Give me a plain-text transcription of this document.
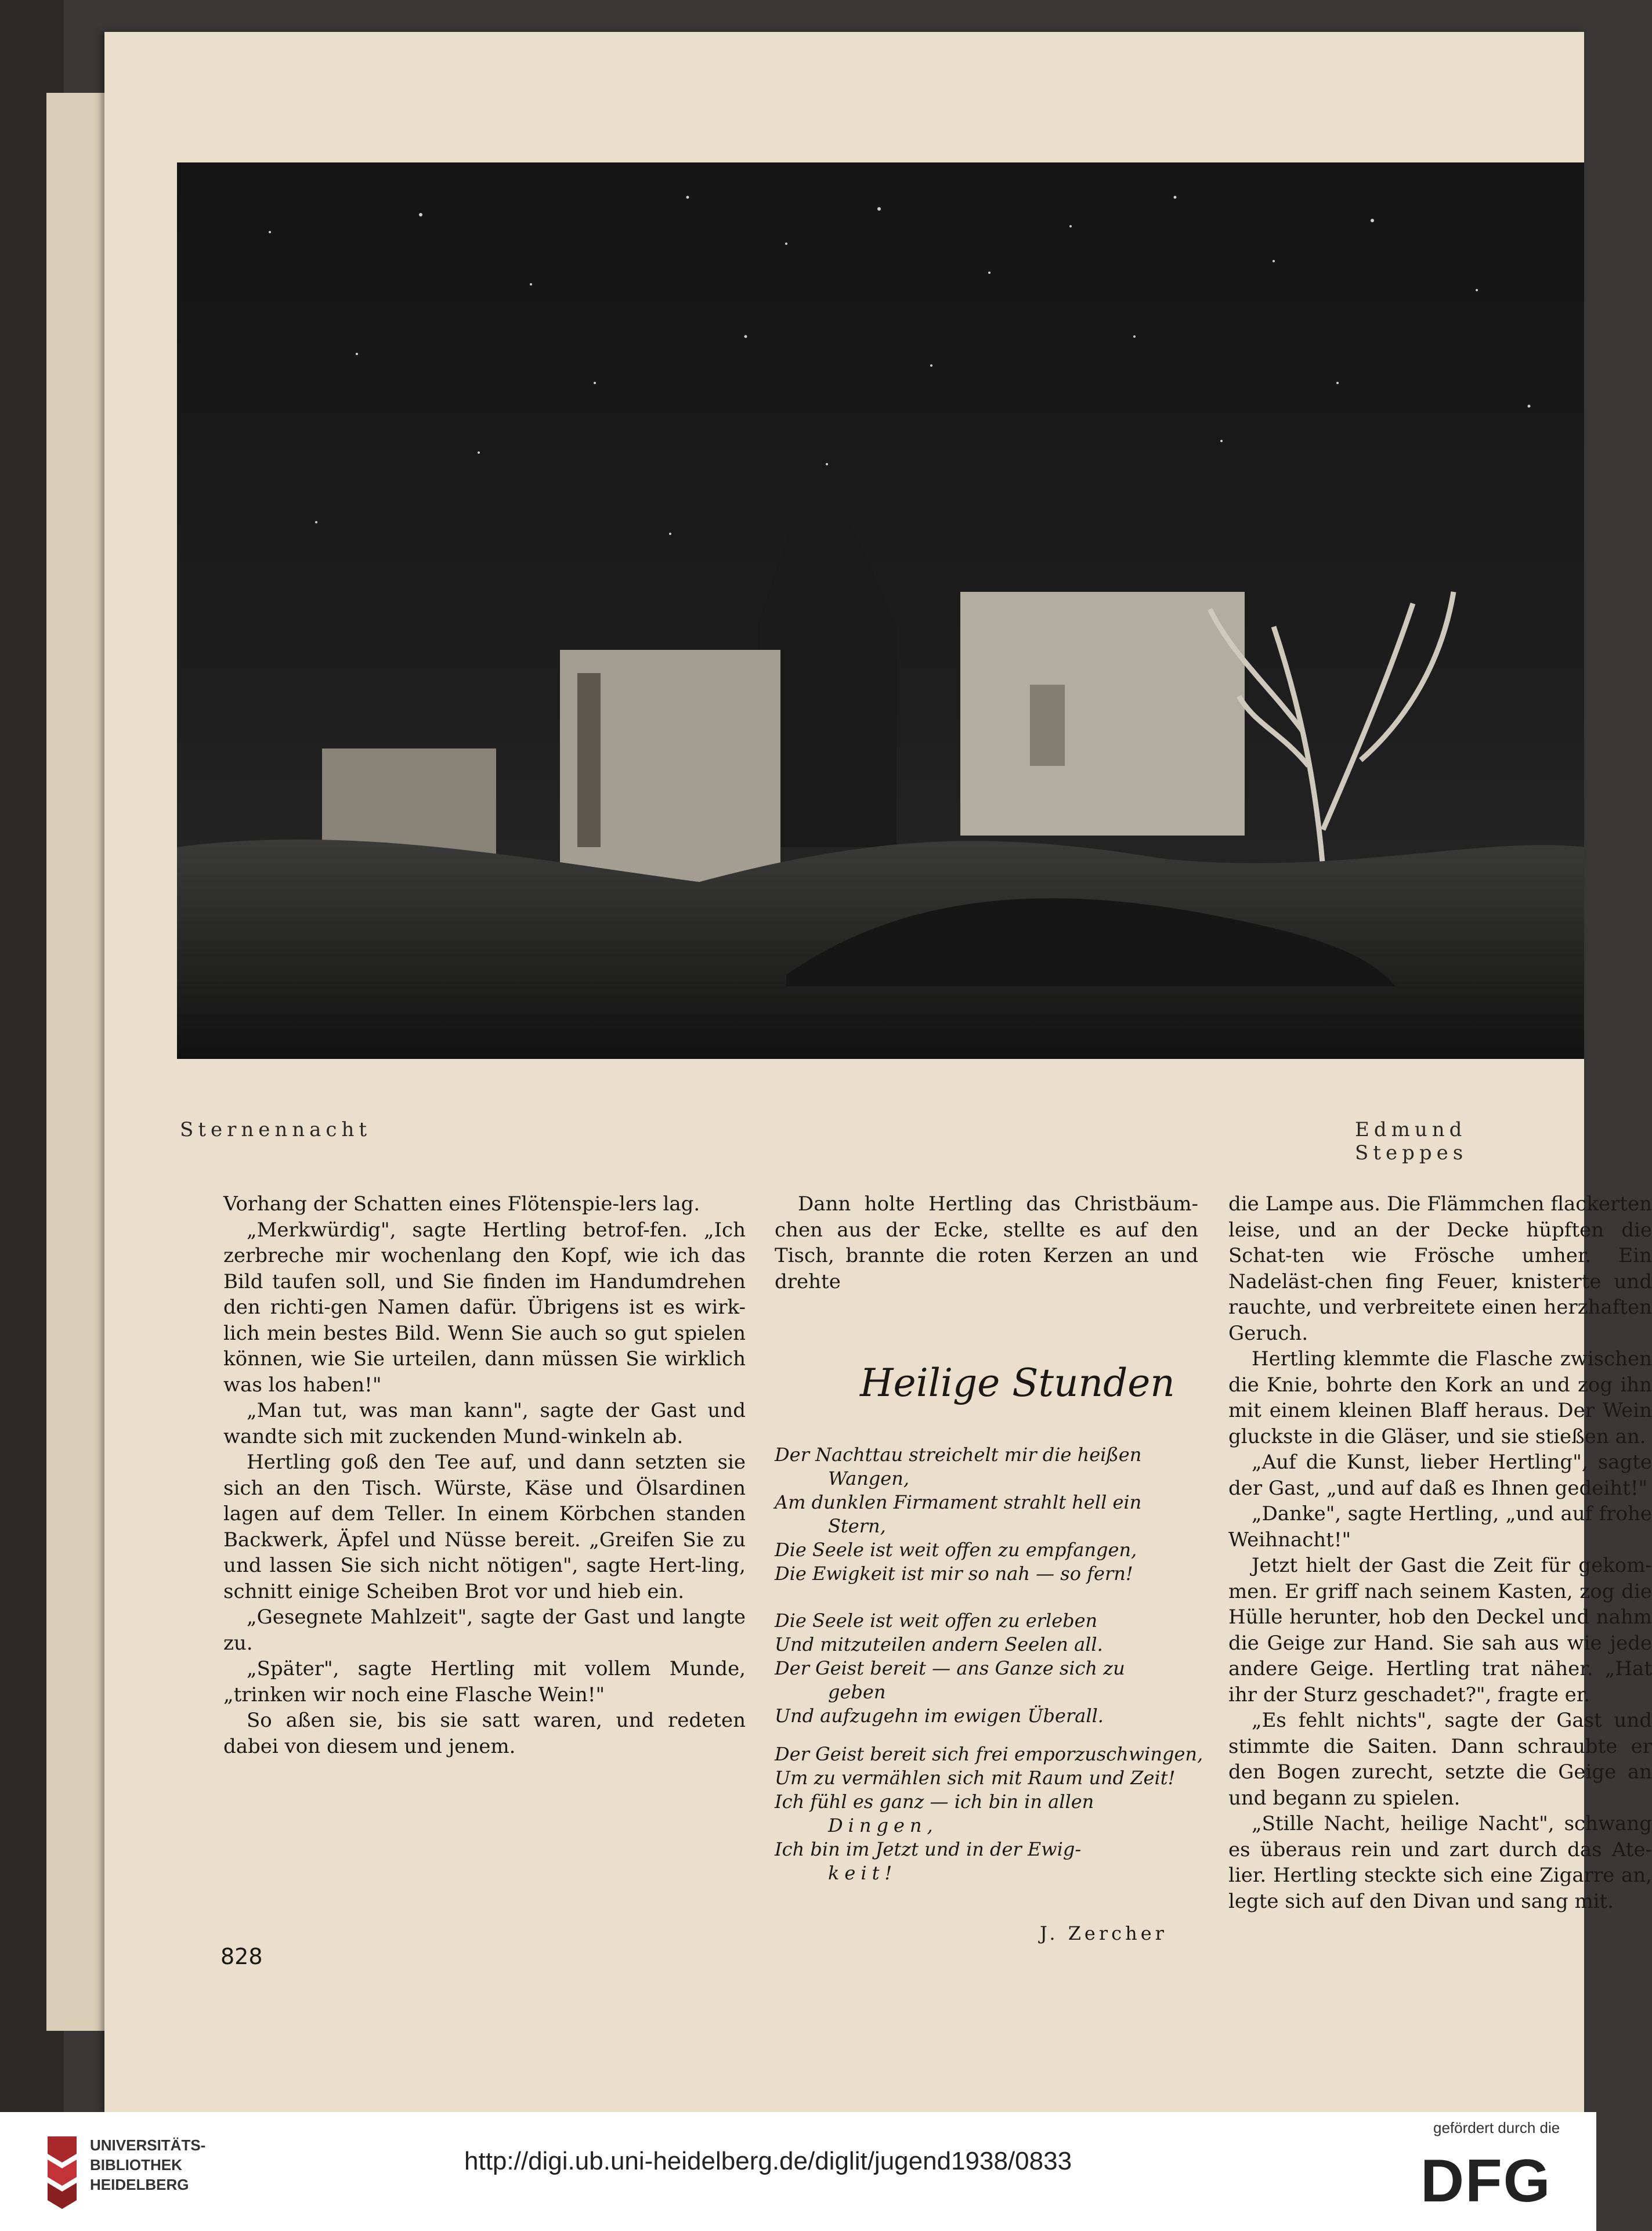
Sternennacht	Edmund Steppes

Vorhang der Schatten eines Flötenspie-lers lag.

„Merkwürdig", sagte Hertling betrof-fen. „Ich zerbreche mir wochenlang den Kopf, wie ich das Bild taufen soll, und Sie finden im Handumdrehen den richti-gen Namen dafür. Übrigens ist es wirk-lich mein bestes Bild. Wenn Sie auch so gut spielen können, wie Sie urteilen, dann müssen Sie wirklich was los haben!"

„Man tut, was man kann", sagte der Gast und wandte sich mit zuckenden Mund-winkeln ab.

Hertling goß den Tee auf, und dann setzten sie sich an den Tisch. Würste, Käse und Ölsardinen lagen auf dem Teller. In einem Körbchen standen Backwerk, Äpfel und Nüsse bereit. „Greifen Sie zu und lassen Sie sich nicht nötigen", sagte Hert-ling, schnitt einige Scheiben Brot vor und hieb ein.

„Gesegnete Mahlzeit", sagte der Gast und langte zu.

„Später", sagte Hertling mit vollem Munde, „trinken wir noch eine Flasche Wein!"

So aßen sie, bis sie satt waren, und redeten dabei von diesem und jenem.

Dann holte Hertling das Christbäum-chen aus der Ecke, stellte es auf den Tisch, brannte die roten Kerzen an und drehte

Heilige Stunden
Der Nachttau streichelt mir die heißen
Wangen,
Am dunklen Firmament strahlt hell ein
Stern,
Die Seele ist weit offen zu empfangen,
Die Ewigkeit ist mir so nah — so fern!
Die Seele ist weit offen zu erleben
Und mitzuteilen andern Seelen all.
Der Geist bereit — ans Ganze sich zu
geben
Und aufzugehn im ewigen Überall.
Der Geist bereit sich frei emporzuschwingen,
Um zu vermählen sich mit Raum und Zeit!
Ich fühl es ganz — ich bin in allen
Dingen,
Ich bin im Jetzt und in der Ewig-
keit!
J. Zercher

die Lampe aus. Die Flämmchen flackerten leise, und an der Decke hüpften die Schat-ten wie Frösche umher. Ein Nadeläst-chen fing Feuer, knisterte und rauchte, und verbreitete einen herzhaften Geruch.

Hertling klemmte die Flasche zwischen die Knie, bohrte den Kork an und zog ihn mit einem kleinen Blaff heraus. Der Wein gluckste in die Gläser, und sie stießen an.

„Auf die Kunst, lieber Hertling", sagte der Gast, „und auf daß es Ihnen gedeiht!"

„Danke", sagte Hertling, „und auf frohe Weihnacht!"

Jetzt hielt der Gast die Zeit für gekom-men. Er griff nach seinem Kasten, zog die Hülle herunter, hob den Deckel und nahm die Geige zur Hand. Sie sah aus wie jede andere Geige. Hertling trat näher. „Hat ihr der Sturz geschadet?", fragte er.

„Es fehlt nichts", sagte der Gast und stimmte die Saiten. Dann schraubte er den Bogen zurecht, setzte die Geige an und begann zu spielen.

„Stille Nacht, heilige Nacht", schwang es überaus rein und zart durch das Ate-lier. Hertling steckte sich eine Zigarre an, legte sich auf den Divan und sang mit.

828
UNIVERSITÄTS-
BIBLIOTHEK
HEIDELBERG
http://digi.ub.uni-heidelberg.de/diglit/jugend1938/0833
gefördert durch die
DFG
